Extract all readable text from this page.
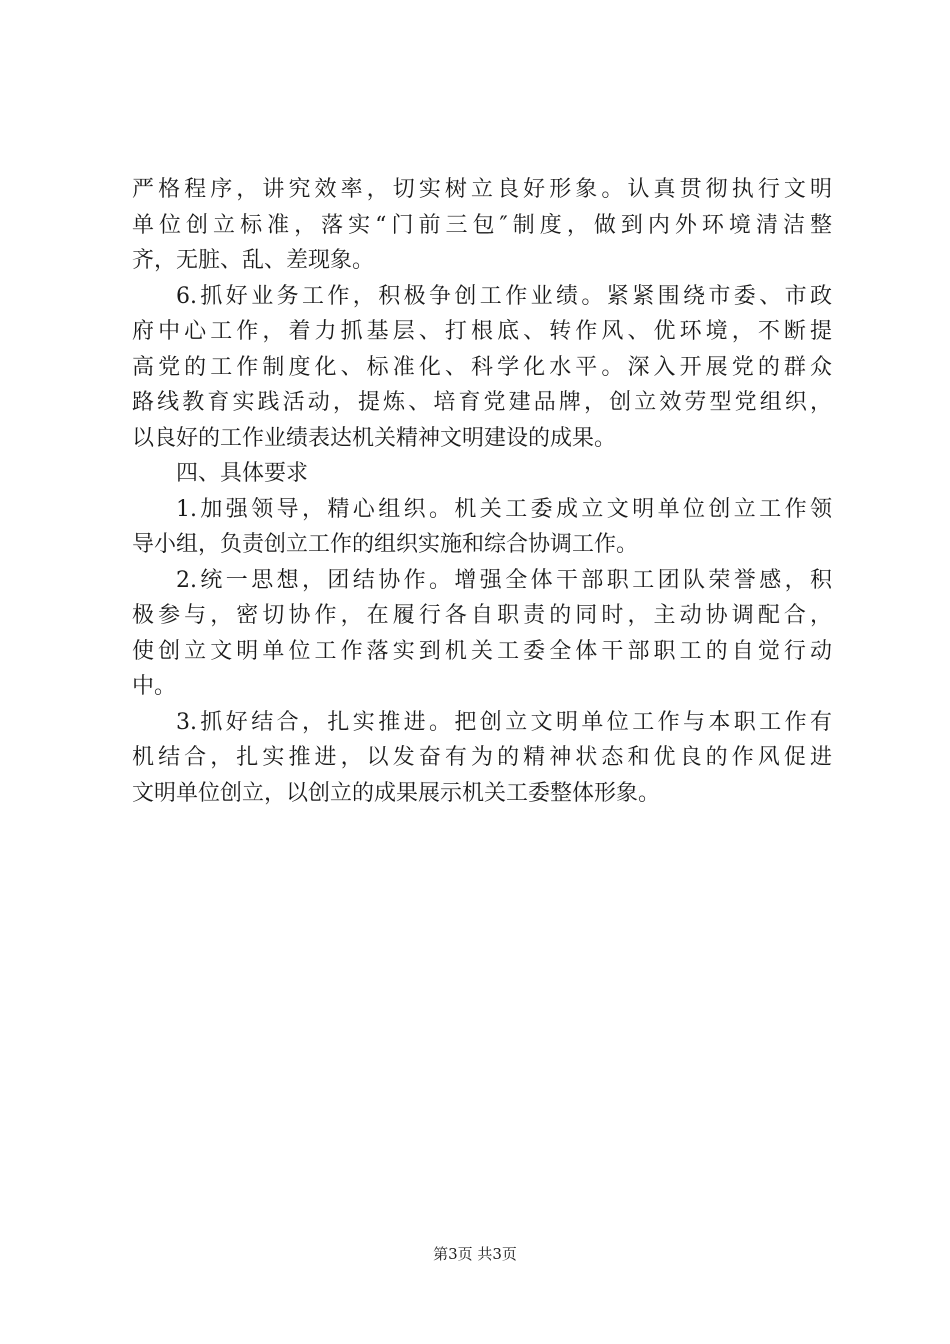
严格程序，讲究效率，切实树立良好形象。认真贯彻执行文明
单位创立标准，落实“门前三包″制度，做到内外环境清洁整
齐，无脏、乱、差现象。
6.抓好业务工作，积极争创工作业绩。紧紧围绕市委、市政
府中心工作，着力抓基层、打根底、转作风、优环境，不断提
高党的工作制度化、标准化、科学化水平。深入开展党的群众
路线教育实践活动，提炼、培育党建品牌，创立效劳型党组织，
以良好的工作业绩表达机关精神文明建设的成果。
四、具体要求
1.加强领导，精心组织。机关工委成立文明单位创立工作领
导小组，负责创立工作的组织实施和综合协调工作。
2.统一思想，团结协作。增强全体干部职工团队荣誉感，积
极参与，密切协作，在履行各自职责的同时，主动协调配合，
使创立文明单位工作落实到机关工委全体干部职工的自觉行动
中。
3.抓好结合，扎实推进。把创立文明单位工作与本职工作有
机结合，扎实推进，以发奋有为的精神状态和优良的作风促进
文明单位创立，以创立的成果展示机关工委整体形象。
第3页 共3页
